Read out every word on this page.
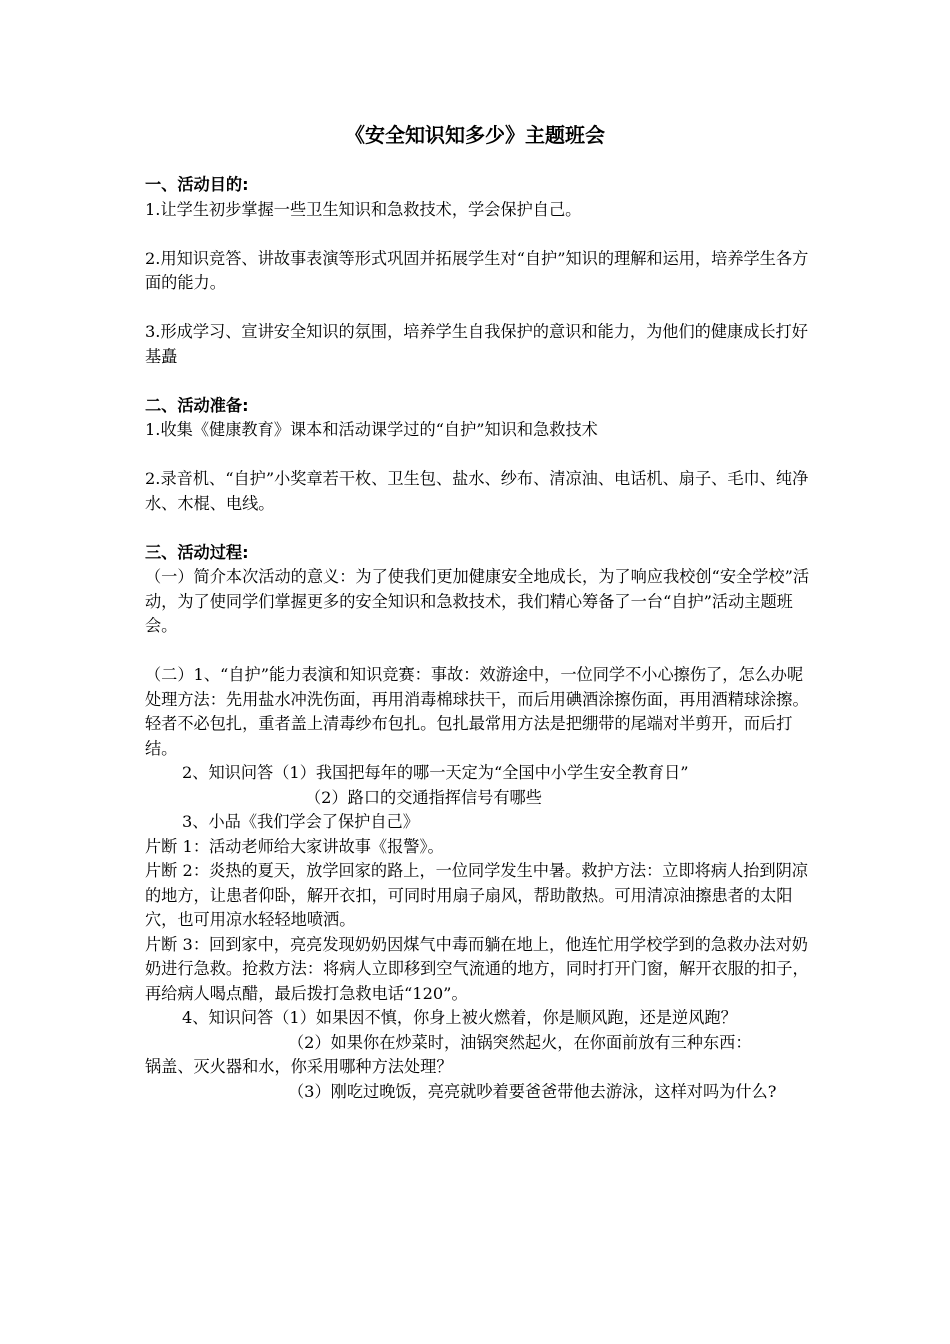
《安全知识知多少》主题班会

一、活动目的:

1.让学生初步掌握一些卫生知识和急救技术，学会保护自己。

2.用知识竞答、讲故事表演等形式巩固并拓展学生对“自护”知识的理解和运用，培养学生各方面的能力。

3.形成学习、宣讲安全知识的氛围，培养学生自我保护的意识和能力，为他们的健康成长打好基矗

二、活动准备:

1.收集《健康教育》课本和活动课学过的“自护”知识和急救技术

2.录音机、“自护”小奖章若干枚、卫生包、盐水、纱布、清凉油、电话机、扇子、毛巾、纯净水、木棍、电线。

三、活动过程:

（一）简介本次活动的意义：为了使我们更加健康安全地成长，为了响应我校创“安全学校”活动，为了使同学们掌握更多的安全知识和急救技术，我们精心筹备了一台“自护”活动主题班会。

（二）1、“自护”能力表演和知识竞赛：事故：效游途中，一位同学不小心擦伤了，怎么办呢处理方法：先用盐水冲洗伤面，再用消毒棉球扶干，而后用碘酒涂擦伤面，再用酒精球涂擦。轻者不必包扎，重者盖上清毒纱布包扎。包扎最常用方法是把绷带的尾端对半剪开，而后打结。

2、知识问答（1）我国把每年的哪一天定为“全国中小学生安全教育日”

（2）路口的交通指挥信号有哪些

3、小品《我们学会了保护自己》

片断 1：活动老师给大家讲故事《报警》。

片断 2：炎热的夏天，放学回家的路上，一位同学发生中暑。救护方法：立即将病人抬到阴凉的地方，让患者仰卧，解开衣扣，可同时用扇子扇风，帮助散热。可用清凉油擦患者的太阳穴，也可用凉水轻轻地喷洒。

片断 3：回到家中，亮亮发现奶奶因煤气中毒而躺在地上，他连忙用学校学到的急救办法对奶奶进行急救。抢救方法：将病人立即移到空气流通的地方，同时打开门窗，解开衣服的扣子，再给病人喝点醋，最后拨打急救电话“120”。

4、知识问答（1）如果因不慎，你身上被火燃着，你是顺风跑，还是逆风跑？

（2）如果你在炒菜时，油锅突然起火，在你面前放有三种东西：

锅盖、灭火器和水，你采用哪种方法处理？

（3）刚吃过晚饭，亮亮就吵着要爸爸带他去游泳，这样对吗为什么?
